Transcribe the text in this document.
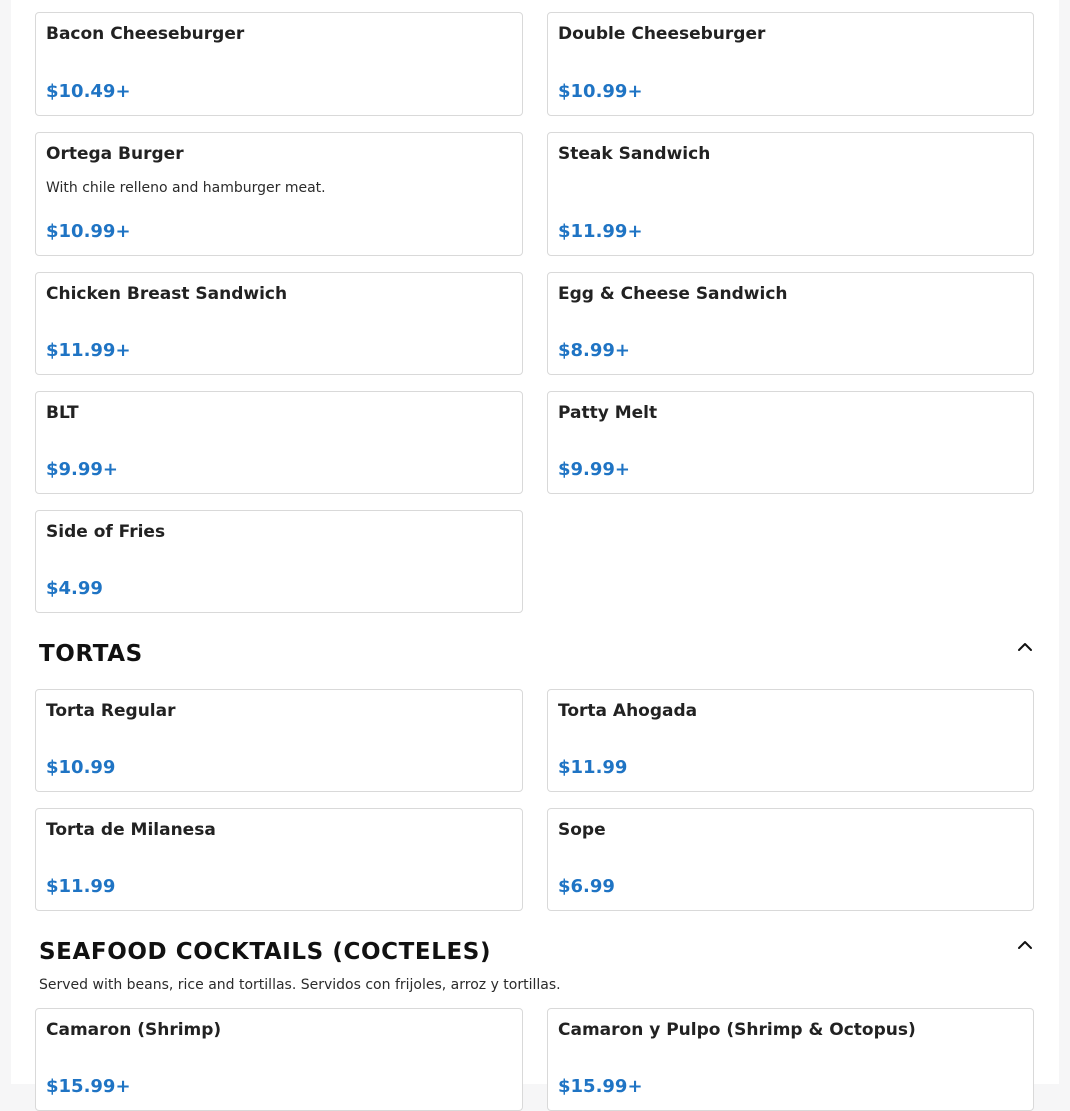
Bacon Cheeseburger
$10.49+
Double Cheeseburger
$10.99+
Ortega Burger
With chile relleno and hamburger meat.
$10.99+
Steak Sandwich
$11.99+
Chicken Breast Sandwich
$11.99+
Egg & Cheese Sandwich
$8.99+
BLT
$9.99+
Patty Melt
$9.99+
Side of Fries
$4.99
TORTAS
Torta Regular
$10.99
Torta Ahogada
$11.99
Torta de Milanesa
$11.99
Sope
$6.99
SEAFOOD COCKTAILS (COCTELES)
Served with beans, rice and tortillas. Servidos con frijoles, arroz y tortillas.
Camaron (Shrimp)
$15.99+
Camaron y Pulpo (Shrimp & Octopus)
$15.99+
